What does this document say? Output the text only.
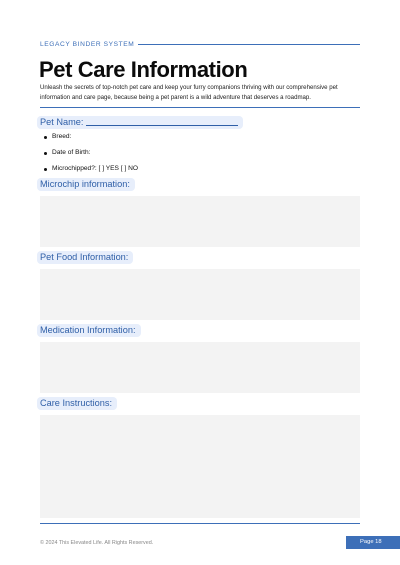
LEGACY BINDER SYSTEM
Pet Care Information
Unleash the secrets of top-notch pet care and keep your furry companions thriving with our comprehensive pet information and care page, because being a pet parent is a wild adventure that deserves a roadmap.
Pet Name:
Breed:
Date of Birth:
Microchipped?: [ ] YES [ ] NO
Microchip information:
Pet Food Information:
Medication Information:
Care Instructions:
© 2024 This Elevated Life. All Rights Reserved.	Page 18
